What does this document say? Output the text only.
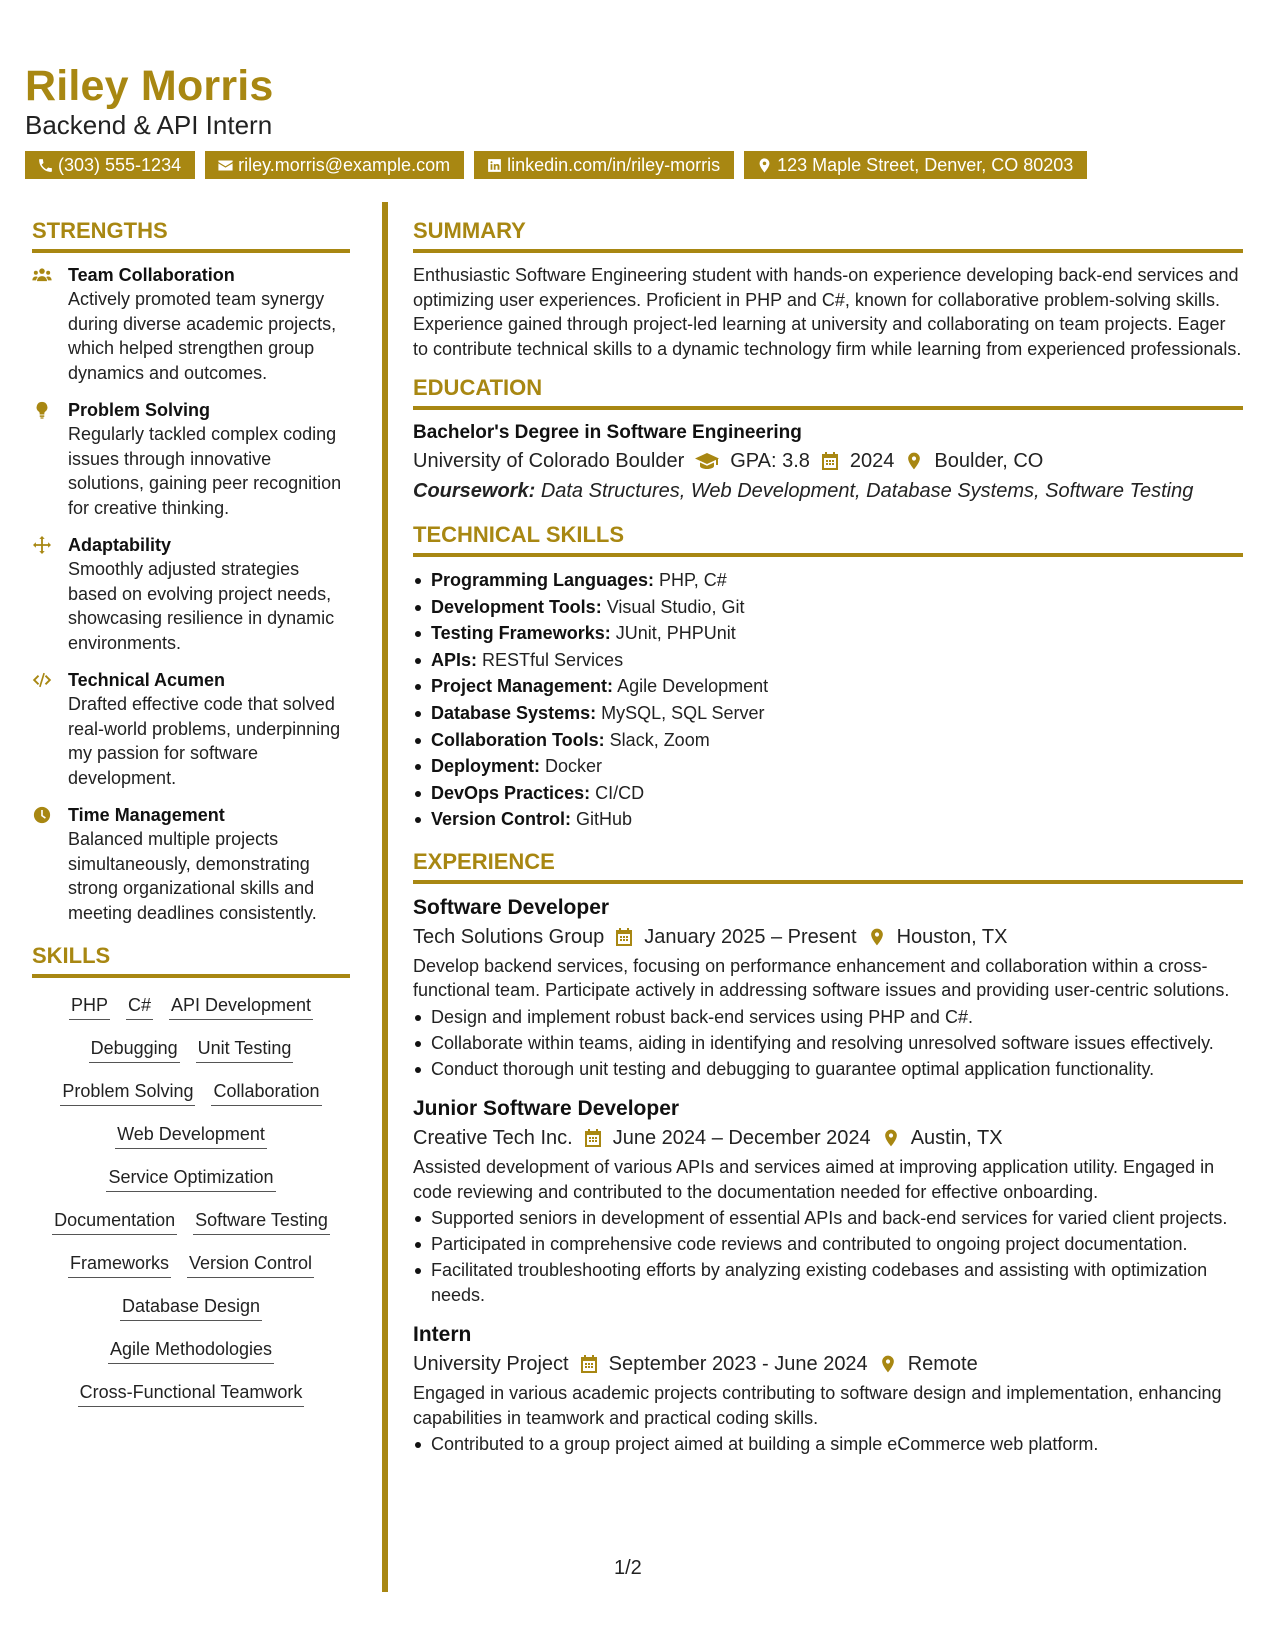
Riley Morris
Backend & API Intern
(303) 555-1234	riley.morris@example.com	linkedin.com/in/riley-morris	123 Maple Street, Denver, CO 80203
STRENGTHS
Team Collaboration
Actively promoted team synergy during diverse academic projects, which helped strengthen group dynamics and outcomes.
Problem Solving
Regularly tackled complex coding issues through innovative solutions, gaining peer recognition for creative thinking.
Adaptability
Smoothly adjusted strategies based on evolving project needs, showcasing resilience in dynamic environments.
Technical Acumen
Drafted effective code that solved real-world problems, underpinning my passion for software development.
Time Management
Balanced multiple projects simultaneously, demonstrating strong organizational skills and meeting deadlines consistently.
SKILLS
PHP C# API Development
Debugging Unit Testing
Problem Solving Collaboration
Web Development
Service Optimization
Documentation Software Testing
Frameworks Version Control
Database Design
Agile Methodologies
Cross-Functional Teamwork
SUMMARY
Enthusiastic Software Engineering student with hands-on experience developing back-end services and optimizing user experiences. Proficient in PHP and C#, known for collaborative problem-solving skills. Experience gained through project-led learning at university and collaborating on team projects. Eager to contribute technical skills to a dynamic technology firm while learning from experienced professionals.
EDUCATION
Bachelor's Degree in Software Engineering
University of Colorado Boulder GPA: 3.8 2024 Boulder, CO
Coursework: Data Structures, Web Development, Database Systems, Software Testing
TECHNICAL SKILLS
Programming Languages: PHP, C#
Development Tools: Visual Studio, Git
Testing Frameworks: JUnit, PHPUnit
APIs: RESTful Services
Project Management: Agile Development
Database Systems: MySQL, SQL Server
Collaboration Tools: Slack, Zoom
Deployment: Docker
DevOps Practices: CI/CD
Version Control: GitHub
EXPERIENCE
Software Developer
Tech Solutions Group January 2025 – Present Houston, TX
Develop backend services, focusing on performance enhancement and collaboration within a cross-functional team. Participate actively in addressing software issues and providing user-centric solutions.
Design and implement robust back-end services using PHP and C#.
Collaborate within teams, aiding in identifying and resolving unresolved software issues effectively.
Conduct thorough unit testing and debugging to guarantee optimal application functionality.
Junior Software Developer
Creative Tech Inc. June 2024 – December 2024 Austin, TX
Assisted development of various APIs and services aimed at improving application utility. Engaged in code reviewing and contributed to the documentation needed for effective onboarding.
Supported seniors in development of essential APIs and back-end services for varied client projects.
Participated in comprehensive code reviews and contributed to ongoing project documentation.
Facilitated troubleshooting efforts by analyzing existing codebases and assisting with optimization needs.
Intern
University Project September 2023 - June 2024 Remote
Engaged in various academic projects contributing to software design and implementation, enhancing capabilities in teamwork and practical coding skills.
Contributed to a group project aimed at building a simple eCommerce web platform.
1/2
